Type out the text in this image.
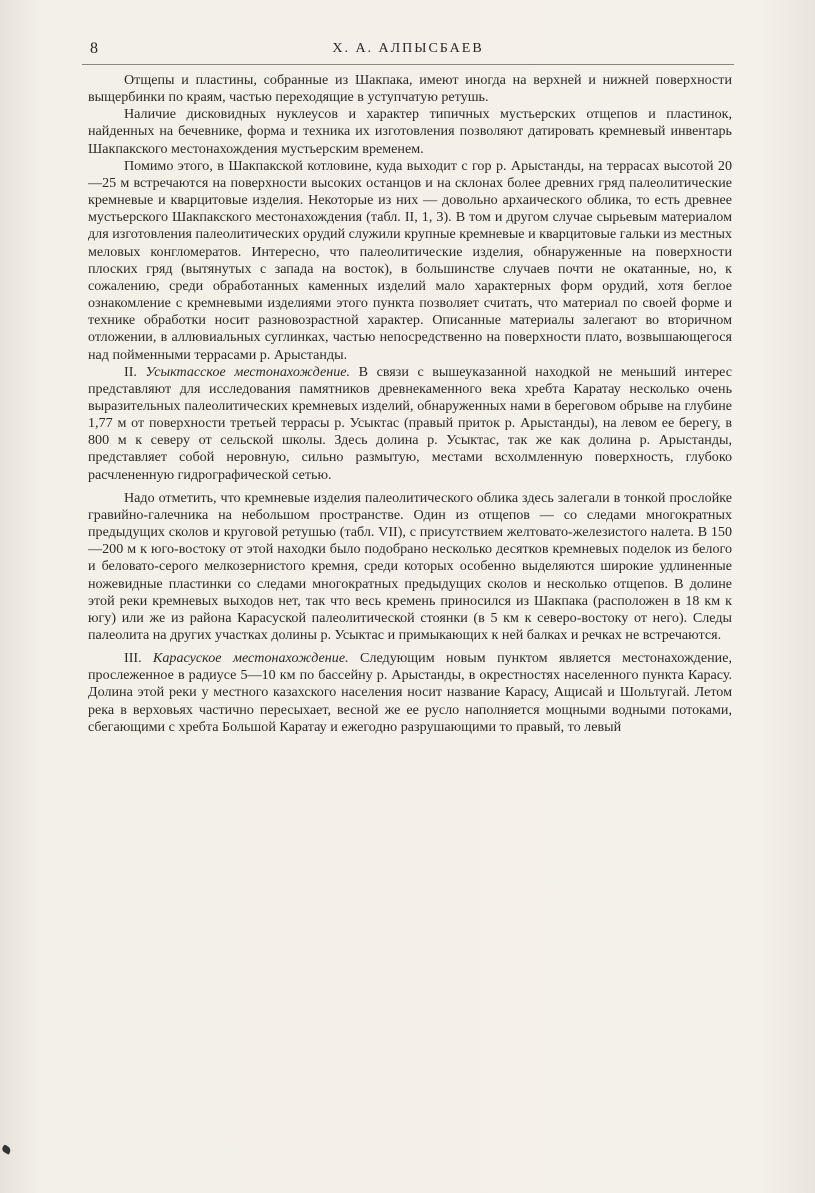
8	Х. А. АЛПЫСБАЕВ

Отщепы и пластины, собранные из Шакпака, имеют иногда на верхней и нижней поверхности выщербинки по краям, частью переходящие в уступчатую ретушь.

Наличие дисковидных нуклеусов и характер типичных мустьерских отщепов и пластинок, найденных на бечевнике, форма и техника их изготовления позволяют датировать кремневый инвентарь Шакпакского местонахождения мустьерским временем.

Помимо этого, в Шакпакской котловине, куда выходит с гор р. Арыстанды, на террасах высотой 20—25 м встречаются на поверхности высоких останцов и на склонах более древних гряд палеолитические кремневые и кварцитовые изделия. Некоторые из них — довольно архаического облика, то есть древнее мустьерского Шакпакского местонахождения (табл. II, 1, 3). В том и другом случае сырьевым материалом для изготовления палеолитических орудий служили крупные кремневые и кварцитовые гальки из местных меловых конгломератов. Интересно, что палеолитические изделия, обнаруженные на поверхности плоских гряд (вытянутых с запада на восток), в большинстве случаев почти не окатанные, но, к сожалению, среди обработанных каменных изделий мало характерных форм орудий, хотя беглое ознакомление с кремневыми изделиями этого пункта позволяет считать, что материал по своей форме и технике обработки носит разновозрастной характер. Описанные материалы залегают во вторичном отложении, в аллювиальных суглинках, частью непосредственно на поверхности плато, возвышающегося над пойменными террасами р. Арыстанды.

II. Усыктасское местонахождение. В связи с вышеуказанной находкой не меньший интерес представляют для исследования памятников древнекаменного века хребта Каратау несколько очень выразительных палеолитических кремневых изделий, обнаруженных нами в береговом обрыве на глубине 1,77 м от поверхности третьей террасы р. Усыктас (правый приток р. Арыстанды), на левом ее берегу, в 800 м к северу от сельской школы. Здесь долина р. Усыктас, так же как долина р. Арыстанды, представляет собой неровную, сильно размытую, местами всхолмленную поверхность, глубоко расчлененную гидрографической сетью.

Надо отметить, что кремневые изделия палеолитического облика здесь залегали в тонкой прослойке гравийно-галечника на небольшом пространстве. Один из отщепов — со следами многократных предыдущих сколов и круговой ретушью (табл. VII), с присутствием желтовато-железистого налета. В 150—200 м к юго-востоку от этой находки было подобрано несколько десятков кремневых поделок из белого и беловато-серого мелкозернистого кремня, среди которых особенно выделяются широкие удлиненные ножевидные пластинки со следами многократных предыдущих сколов и несколько отщепов. В долине этой реки кремневых выходов нет, так что весь кремень приносился из Шакпака (расположен в 18 км к югу) или же из района Карасуской палеолитической стоянки (в 5 км к северо-востоку от него). Следы палеолита на других участках долины р. Усыктас и примыкающих к ней балках и речках не встречаются.

III. Карасуское местонахождение. Следующим новым пунктом является местонахождение, прослеженное в радиусе 5—10 км по бассейну р. Арыстанды, в окрестностях населенного пункта Карасу. Долина этой реки у местного казахского населения носит название Карасу, Ащисай и Шольтугай. Летом река в верховьях частично пересыхает, весной же ее русло наполняется мощными водными потоками, сбегающими с хребта Большой Каратау и ежегодно разрушающими то правый, то левый
